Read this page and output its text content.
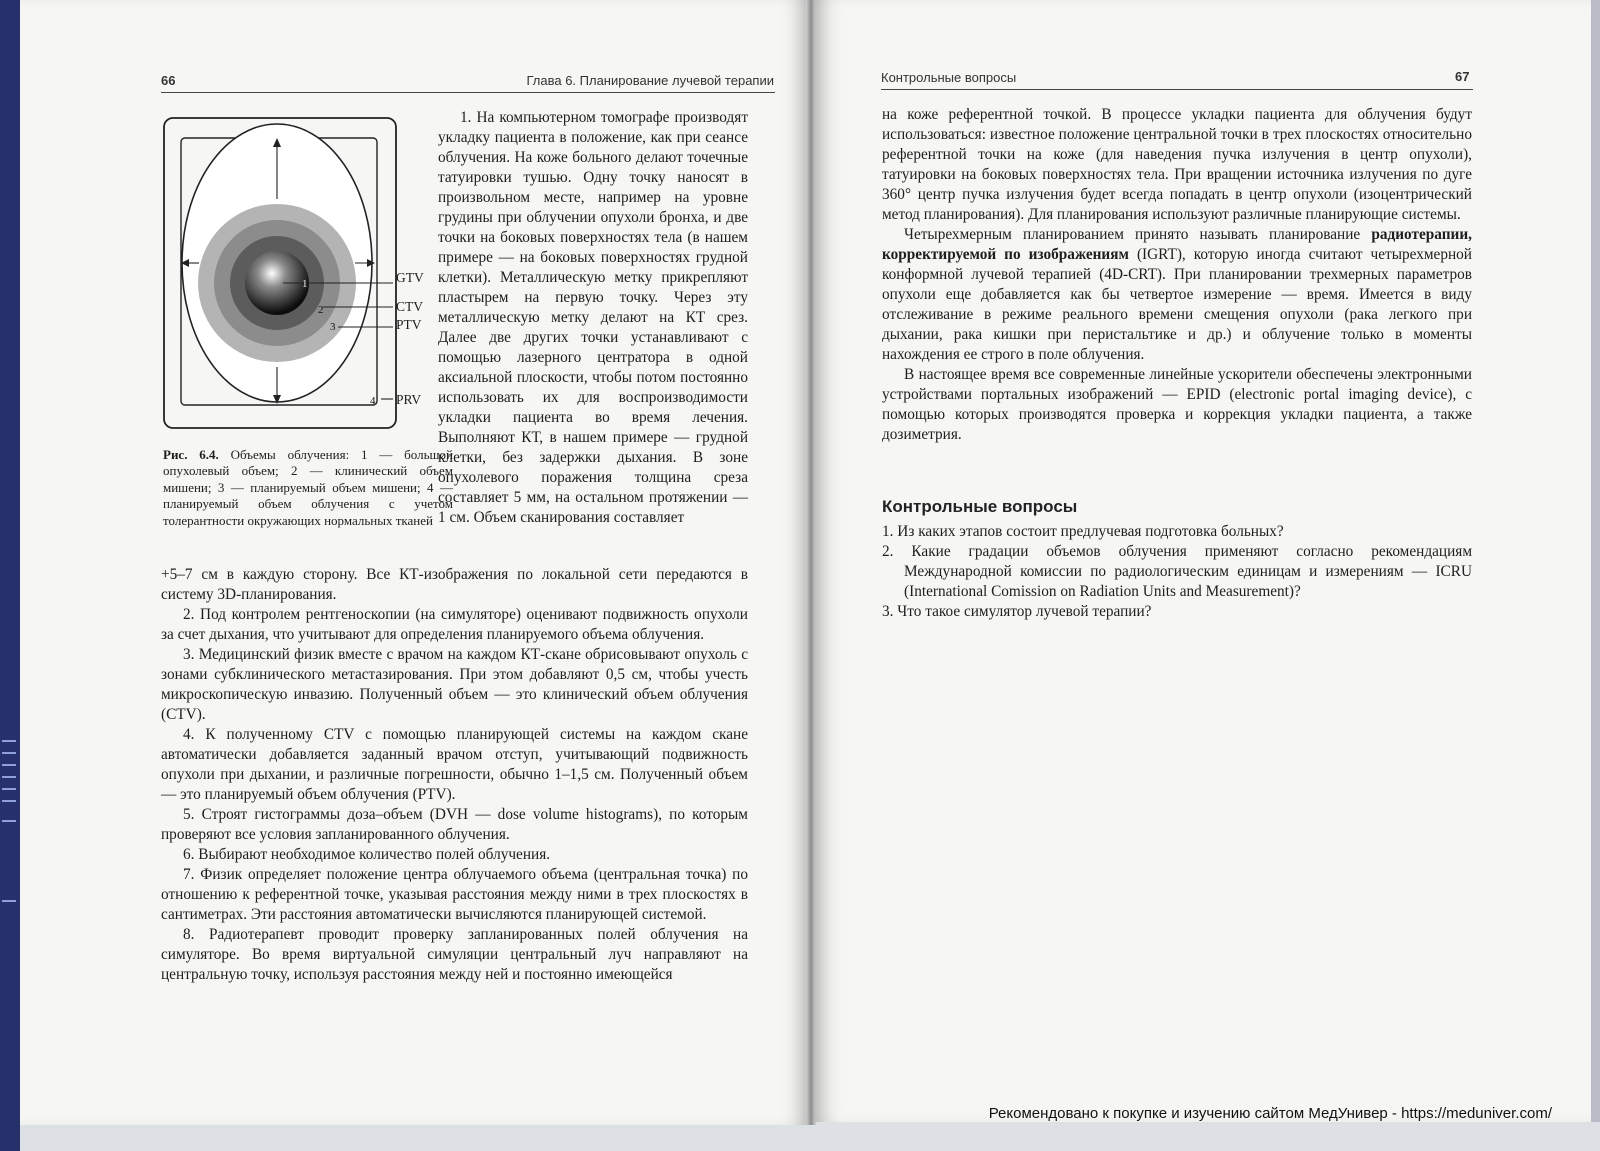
66	Глава 6. Планирование лучевой терапии
1
2
3
4
GTV
CTV
PTV
PRV
Рис. 6.4. Объемы облучения: 1 — большой опухолевый объем; 2 — клинический объем мишени; 3 — планируемый объем мишени; 4 — планируемый объем облучения с учетом толерантности окружающих нормальных тканей

1. На компьютерном томографе производят укладку пациента в положение, как при сеансе облучения. На коже больного делают точечные татуировки тушью. Одну точку наносят в произвольном месте, например на уровне грудины при облучении опухоли бронха, и две точки на боковых поверхностях тела (в нашем примере — на боковых поверхностях грудной клетки). Металлическую метку прикрепляют пластырем на первую точку. Через эту металлическую метку делают на КТ срез. Далее две других точки устанавливают с помощью лазерного центратора в одной аксиальной плоскости, чтобы потом постоянно использовать их для воспроизводимости укладки пациента во время лечения. Выполняют КТ, в нашем примере — грудной клетки, без задержки дыхания. В зоне опухолевого поражения толщина среза составляет 5 мм, на остальном протяжении — 1 см. Объем сканирования составляет

+5–7 см в каждую сторону. Все КТ-изображения по локальной сети передаются в систему 3D-планирования.

2. Под контролем рентгеноскопии (на симуляторе) оценивают подвижность опухоли за счет дыхания, что учитывают для определения планируемого объема облучения.

3. Медицинский физик вместе с врачом на каждом КТ-скане обрисовывают опухоль с зонами субклинического метастазирования. При этом добавляют 0,5 см, чтобы учесть микроскопическую инвазию. Полученный объем — это клинический объем облучения (CTV).

4. К полученному CTV с помощью планирующей системы на каждом скане автоматически добавляется заданный врачом отступ, учитывающий подвижность опухоли при дыхании, и различные погрешности, обычно 1–1,5 см. Полученный объем — это планируемый объем облучения (PTV).

5. Строят гистограммы доза–объем (DVH — dose volume histograms), по которым проверяют все условия запланированного облучения.

6. Выбирают необходимое количество полей облучения.

7. Физик определяет положение центра облучаемого объема (центральная точка) по отношению к референтной точке, указывая расстояния между ними в трех плоскостях в сантиметрах. Эти расстояния автоматически вычисляются планирующей системой.

8. Радиотерапевт проводит проверку запланированных полей облучения на симуляторе. Во время виртуальной симуляции центральный луч направляют на центральную точку, используя расстояния между ней и постоянно имеющейся

Контрольные вопросы	67

на коже референтной точкой. В процессе укладки пациента для облучения будут использоваться: известное положение центральной точки в трех плоскостях относительно референтной точки на коже (для наведения пучка излучения в центр опухоли), татуировки на боковых поверхностях тела. При вращении источника излучения по дуге 360° центр пучка излучения будет всегда попадать в центр опухоли (изоцентрический метод планирования). Для планирования используют различные планирующие системы.

Четырехмерным планированием принято называть планирование радиотерапии, корректируемой по изображениям (IGRT), которую иногда считают четырехмерной конформной лучевой терапией (4D-CRT). При планировании трехмерных параметров опухоли еще добавляется как бы четвертое измерение — время. Имеется в виду отслеживание в режиме реального времени смещения опухоли (рака легкого при дыхании, рака кишки при перистальтике и др.) и облучение только в моменты нахождения ее строго в поле облучения.

В настоящее время все современные линейные ускорители обеспечены электронными устройствами портальных изображений — EPID (electronic portal imaging device), с помощью которых производятся проверка и коррекция укладки пациента, а также дозиметрия.

Контрольные вопросы
1. Из каких этапов состоит предлучевая подготовка больных?
2. Какие градации объемов облучения применяют согласно рекомендациям Международной комиссии по радиологическим единицам и измерениям — ICRU (International Comission on Radiation Units and Measurement)?
3. Что такое симулятор лучевой терапии?
Рекомендовано к покупке и изучению сайтом МедУнивер - https://meduniver.com/
